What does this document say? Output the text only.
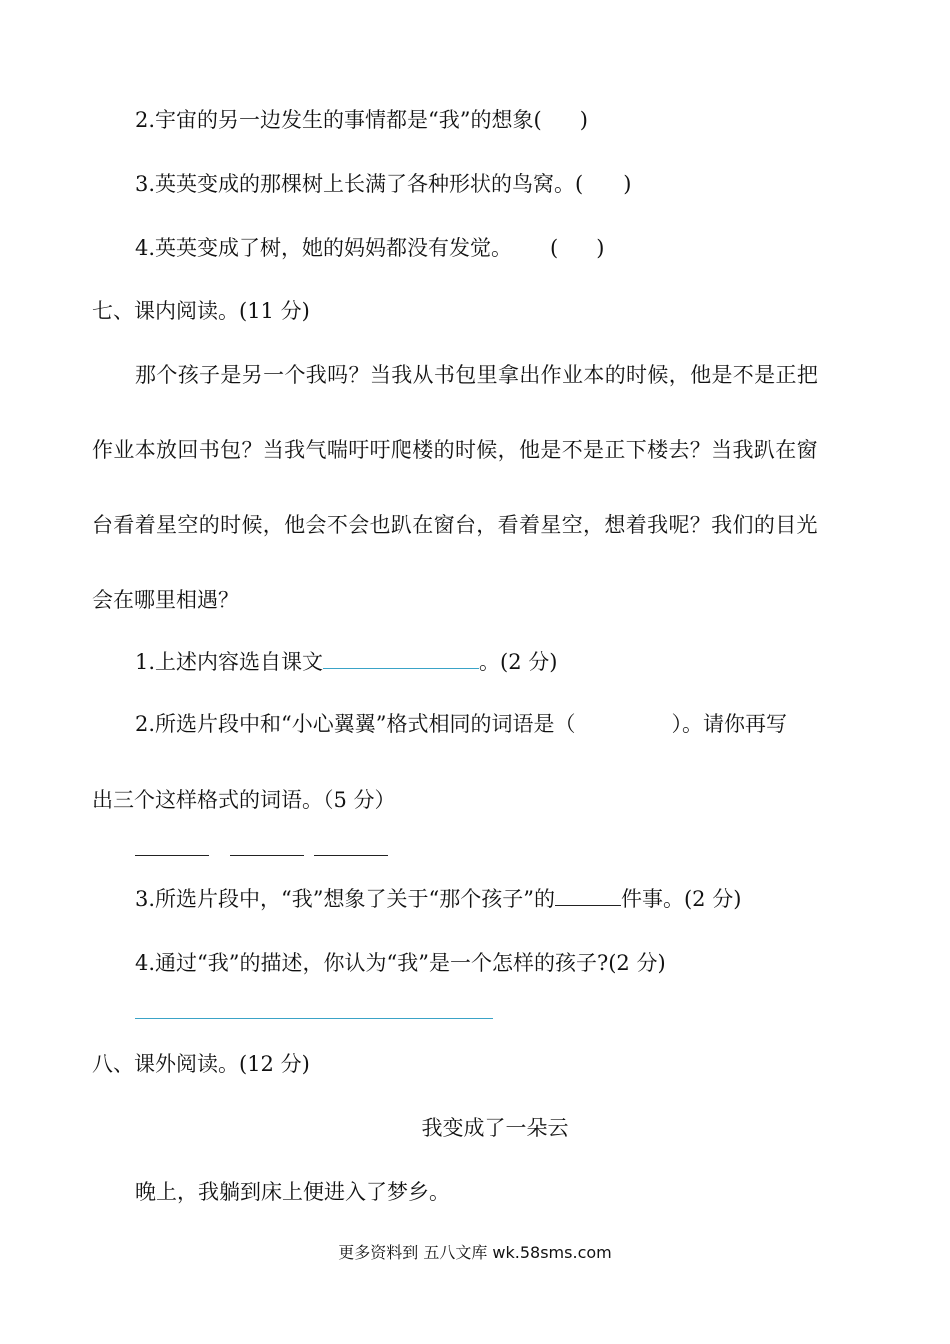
2.宇宙的另一边发生的事情都是“我”的想象( )
3.英英变成的那棵树上长满了各种形状的鸟窝。( )
4.英英变成了树，她的妈妈都没有发觉。 ( )
七、课内阅读。(11 分)
那个孩子是另一个我吗？当我从书包里拿出作业本的时候，他是不是正把
作业本放回书包？当我气喘吁吁爬楼的时候，他是不是正下楼去？当我趴在窗
台看着星空的时候，他会不会也趴在窗台，看着星空，想着我呢？我们的目光
会在哪里相遇？
1.上述内容选自课文	。(2 分)
2.所选片段中和“小心翼翼”格式相同的词语是（	）。请你再写
出三个这样格式的词语。（5 分）
3.所选片段中，“我”想象了关于“那个孩子”的	件事。(2 分)
4.通过“我”的描述，你认为“我”是一个怎样的孩子?(2 分)
八、课外阅读。(12 分)
我变成了一朵云
晚上，我躺到床上便进入了梦乡。
更多资料到 五八文库 wk.58sms.com
